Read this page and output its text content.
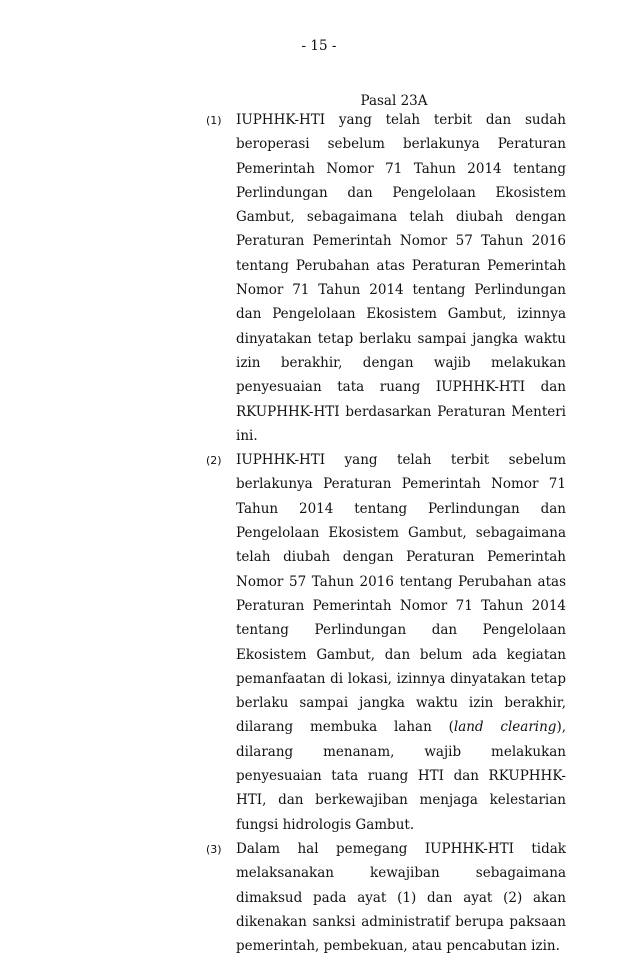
- 15 -
Pasal 23A
(1)	IUPHHK-HTI yang telah terbit dan sudah beroperasi sebelum berlakunya Peraturan Pemerintah Nomor 71 Tahun 2014 tentang Perlindungan dan Pengelolaan Ekosistem Gambut, sebagaimana telah diubah dengan Peraturan Pemerintah Nomor 57 Tahun 2016 tentang Perubahan atas Peraturan Pemerintah Nomor 71 Tahun 2014 tentang Perlindungan dan Pengelolaan Ekosistem Gambut, izinnya dinyatakan tetap berlaku sampai jangka waktu izin berakhir, dengan wajib melakukan penyesuaian tata ruang IUPHHK-HTI dan RKUPHHK-HTI berdasarkan Peraturan Menteri ini.
(2)	IUPHHK-HTI yang telah terbit sebelum berlakunya Peraturan Pemerintah Nomor 71 Tahun 2014 tentang Perlindungan dan Pengelolaan Ekosistem Gambut, sebagaimana telah diubah dengan Peraturan Pemerintah Nomor 57 Tahun 2016 tentang Perubahan atas Peraturan Pemerintah Nomor 71 Tahun 2014 tentang Perlindungan dan Pengelolaan Ekosistem Gambut, dan belum ada kegiatan pemanfaatan di lokasi, izinnya dinyatakan tetap berlaku sampai jangka waktu izin berakhir, dilarang membuka lahan (land clearing), dilarang menanam, wajib melakukan penyesuaian tata ruang HTI dan RKUPHHK-HTI, dan berkewajiban menjaga kelestarian fungsi hidrologis Gambut.
(3)	Dalam hal pemegang IUPHHK-HTI tidak melaksanakan kewajiban sebagaimana dimaksud pada ayat (1) dan ayat (2) akan dikenakan sanksi administratif berupa paksaan pemerintah, pembekuan, atau pencabutan izin.
